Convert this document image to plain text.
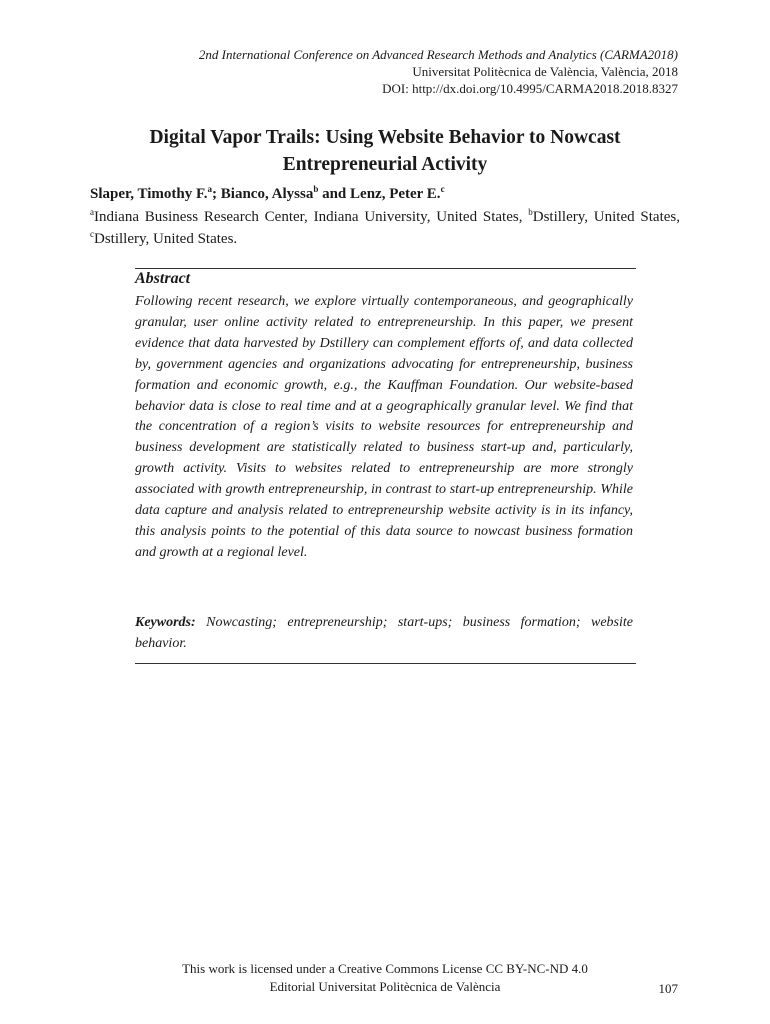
2nd International Conference on Advanced Research Methods and Analytics (CARMA2018)
Universitat Politècnica de València, València, 2018
DOI: http://dx.doi.org/10.4995/CARMA2018.2018.8327
Digital Vapor Trails: Using Website Behavior to Nowcast
Entrepreneurial Activity
Slaper, Timothy F.$^a$; Bianco, Alyssa$^b$ and Lenz, Peter E.$^c$
$^a$Indiana Business Research Center, Indiana University, United States, $^b$Dstillery, United States, $^c$Dstillery, United States.
Abstract
Following recent research, we explore virtually contemporaneous, and geographically granular, user online activity related to entrepreneurship. In this paper, we present evidence that data harvested by Dstillery can complement efforts of, and data collected by, government agencies and organizations advocating for entrepreneurship, business formation and economic growth, e.g., the Kauffman Foundation. Our website-based behavior data is close to real time and at a geographically granular level. We find that the concentration of a region’s visits to website resources for entrepreneurship and business development are statistically related to business start-up and, particularly, growth activity. Visits to websites related to entrepreneurship are more strongly associated with growth entrepreneurship, in contrast to start-up entrepreneurship. While data capture and analysis related to entrepreneurship website activity is in its infancy, this analysis points to the potential of this data source to nowcast business formation and growth at a regional level.
Keywords: Nowcasting; entrepreneurship; start-ups; business formation; website behavior.
This work is licensed under a Creative Commons License CC BY-NC-ND 4.0
Editorial Universitat Politècnica de València	107
